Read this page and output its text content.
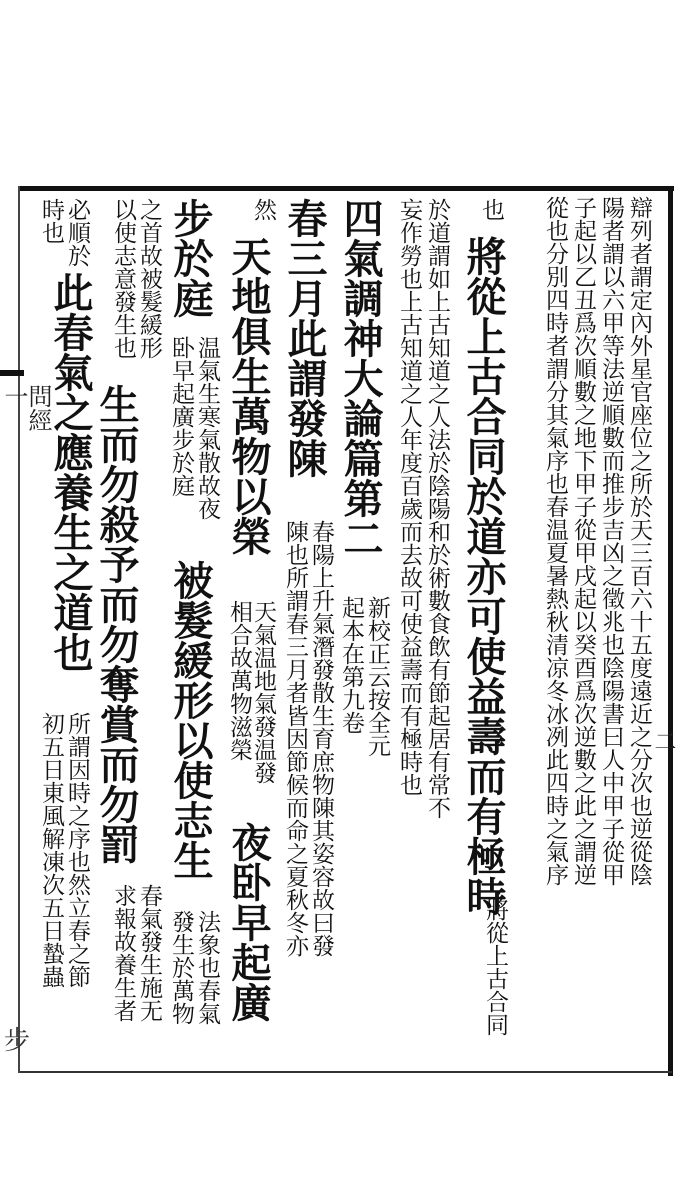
問經一
二
步
辯列者謂定內外星官座位之所於天三百六十五度遠近之分次也逆從陰
陽者謂以六甲等法逆順數而推步吉凶之徵兆也陰陽書曰人中甲子從甲
子起以乙丑爲次順數之地下甲子從甲戌起以癸酉爲次逆數之此之謂逆
從也分別四時者謂分其氣序也春温夏暑熱秋清凉冬冰冽此四時之氣序
也
將從上古合同於道亦可使益壽而有極時
將從上古合同
於道謂如上古知道之人法於陰陽和於術數食飲有節起居有常不
妄作勞也上古知道之人年度百歲而去故可使益壽而有極時也
四氣調神大論篇第二
新校正云按全元
起本在第九卷
春三月此謂發陳
春陽上升氣潛發散生育庶物陳其姿容故曰發
陳也所謂春三月者皆因節候而命之夏秋冬亦
然
天地俱生萬物以榮
天氣温地氣發温發
相合故萬物滋榮
夜卧早起廣
步於庭
温氣生寒氣散故夜
卧早起廣步於庭
被髮緩形以使志生
法象也春氣
發生於萬物
之首故被髮緩形
以使志意發生也
生而勿殺予而勿奪賞而勿罰
春氣發生施无
求報故養生者
必順於
時也
此春氣之應養生之道也
所謂因時之序也然立春之節
初五日東風解凍次五日蟄蟲
